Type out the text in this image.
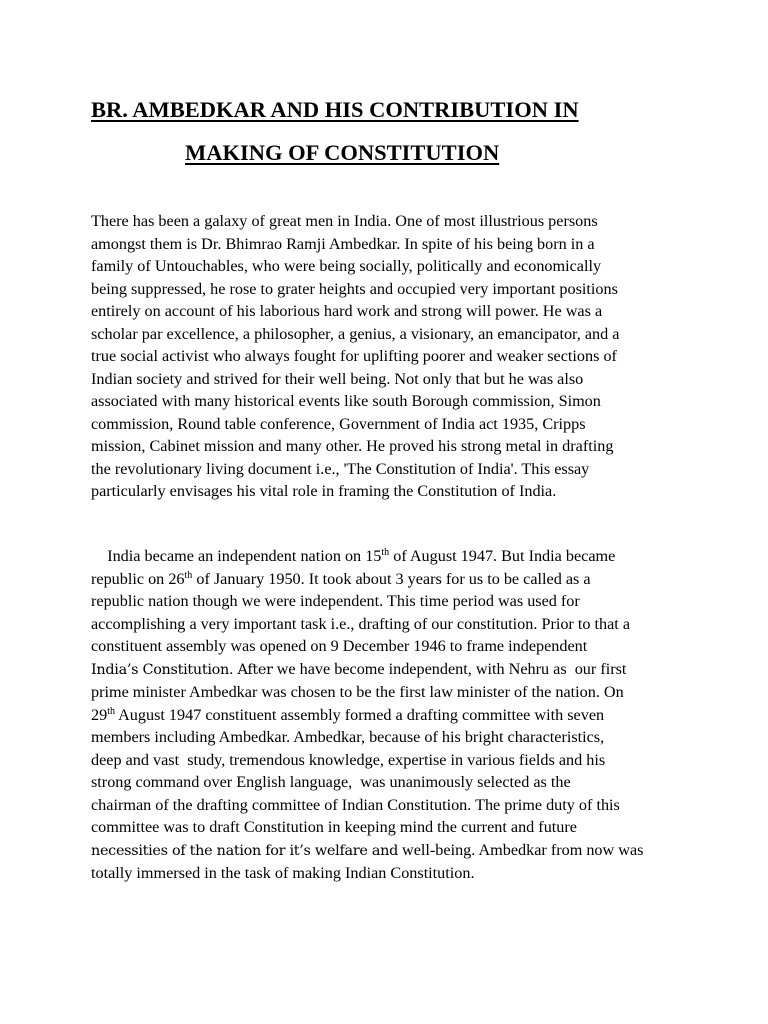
BR. AMBEDKAR AND HIS CONTRIBUTION IN
MAKING OF CONSTITUTION

There has been a galaxy of great men in India. One of most illustrious persons
amongst them is Dr. Bhimrao Ramji Ambedkar. In spite of his being born in a
family of Untouchables, who were being socially, politically and economically
being suppressed, he rose to grater heights and occupied very important positions
entirely on account of his laborious hard work and strong will power. He was a
scholar par excellence, a philosopher, a genius, a visionary, an emancipator, and a
true social activist who always fought for uplifting poorer and weaker sections of
Indian society and strived for their well being. Not only that but he was also
associated with many historical events like south Borough commission, Simon
commission, Round table conference, Government of India act 1935, Cripps
mission, Cabinet mission and many other. He proved his strong metal in drafting
the revolutionary living document i.e., 'The Constitution of India'. This essay
particularly envisages his vital role in framing the Constitution of India.

India became an independent nation on 15th of August 1947. But India became
republic on 26th of January 1950. It took about 3 years for us to be called as a
republic nation though we were independent. This time period was used for
accomplishing a very important task i.e., drafting of our constitution. Prior to that a
constituent assembly was opened on 9 December 1946 to frame independent
India’s Constitution. After we have become independent, with Nehru as  our first
prime minister Ambedkar was chosen to be the first law minister of the nation. On
29th August 1947 constituent assembly formed a drafting committee with seven
members including Ambedkar. Ambedkar, because of his bright characteristics,
deep and vast  study, tremendous knowledge, expertise in various fields and his
strong command over English language,  was unanimously selected as the
chairman of the drafting committee of Indian Constitution. The prime duty of this
committee was to draft Constitution in keeping mind the current and future
necessities of the nation for it’s welfare and well-being. Ambedkar from now was
totally immersed in the task of making Indian Constitution.
